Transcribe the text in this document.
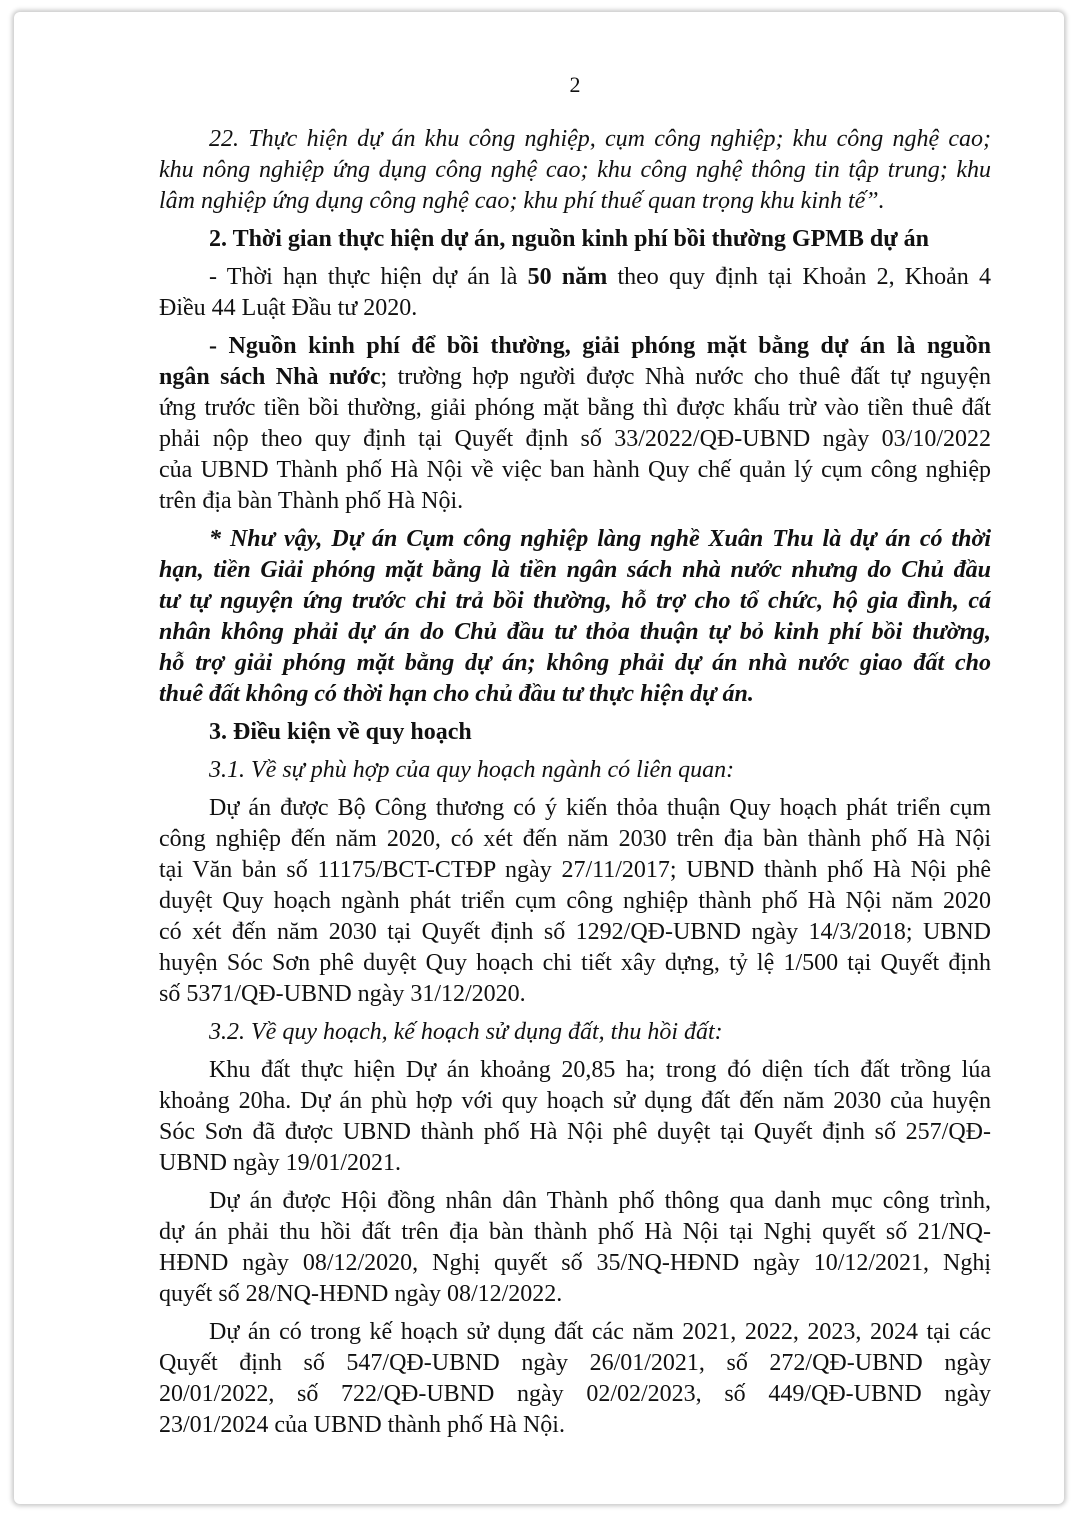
2

22. Thực hiện dự án khu công nghiệp, cụm công nghiệp; khu công nghệ cao;
khu nông nghiệp ứng dụng công nghệ cao; khu công nghệ thông tin tập trung; khu
lâm nghiệp ứng dụng công nghệ cao; khu phí thuế quan trọng khu kinh tế”.

2. Thời gian thực hiện dự án, nguồn kinh phí bồi thường GPMB dự án

- Thời hạn thực hiện dự án là 50 năm theo quy định tại Khoản 2, Khoản 4
Điều 44 Luật Đầu tư 2020.

- Nguồn kinh phí để bồi thường, giải phóng mặt bằng dự án là nguồn
ngân sách Nhà nước; trường hợp người được Nhà nước cho thuê đất tự nguyện
ứng trước tiền bồi thường, giải phóng mặt bằng thì được khấu trừ vào tiền thuê đất
phải nộp theo quy định tại Quyết định số 33/2022/QĐ-UBND ngày 03/10/2022
của UBND Thành phố Hà Nội về việc ban hành Quy chế quản lý cụm công nghiệp
trên địa bàn Thành phố Hà Nội.

* Như vậy, Dự án Cụm công nghiệp làng nghề Xuân Thu là dự án có thời
hạn, tiền Giải phóng mặt bằng là tiền ngân sách nhà nước nhưng do Chủ đầu
tư tự nguyện ứng trước chi trả bồi thường, hỗ trợ cho tổ chức, hộ gia đình, cá
nhân không phải dự án do Chủ đầu tư thỏa thuận tự bỏ kinh phí bồi thường,
hỗ trợ giải phóng mặt bằng dự án; không phải dự án nhà nước giao đất cho
thuê đất không có thời hạn cho chủ đầu tư thực hiện dự án.

3. Điều kiện về quy hoạch

3.1. Về sự phù hợp của quy hoạch ngành có liên quan:

Dự án được Bộ Công thương có ý kiến thỏa thuận Quy hoạch phát triển cụm
công nghiệp đến năm 2020, có xét đến năm 2030 trên địa bàn thành phố Hà Nội
tại Văn bản số 11175/BCT-CTĐP ngày 27/11/2017; UBND thành phố Hà Nội phê
duyệt Quy hoạch ngành phát triển cụm công nghiệp thành phố Hà Nội năm 2020
có xét đến năm 2030 tại Quyết định số 1292/QĐ-UBND ngày 14/3/2018; UBND
huyện Sóc Sơn phê duyệt Quy hoạch chi tiết xây dựng, tỷ lệ 1/500 tại Quyết định
số 5371/QĐ-UBND ngày 31/12/2020.

3.2. Về quy hoạch, kế hoạch sử dụng đất, thu hồi đất:

Khu đất thực hiện Dự án khoảng 20,85 ha; trong đó diện tích đất trồng lúa
khoảng 20ha. Dự án phù hợp với quy hoạch sử dụng đất đến năm 2030 của huyện
Sóc Sơn đã được UBND thành phố Hà Nội phê duyệt tại Quyết định số 257/QĐ-
UBND ngày 19/01/2021.

Dự án được Hội đồng nhân dân Thành phố thông qua danh mục công trình,
dự án phải thu hồi đất trên địa bàn thành phố Hà Nội tại Nghị quyết số 21/NQ-
HĐND ngày 08/12/2020, Nghị quyết số 35/NQ-HĐND ngày 10/12/2021, Nghị
quyết số 28/NQ-HĐND ngày 08/12/2022.

Dự án có trong kế hoạch sử dụng đất các năm 2021, 2022, 2023, 2024 tại các
Quyết định số 547/QĐ-UBND ngày 26/01/2021, số 272/QĐ-UBND ngày
20/01/2022, số 722/QĐ-UBND ngày 02/02/2023, số 449/QĐ-UBND ngày
23/01/2024 của UBND thành phố Hà Nội.
